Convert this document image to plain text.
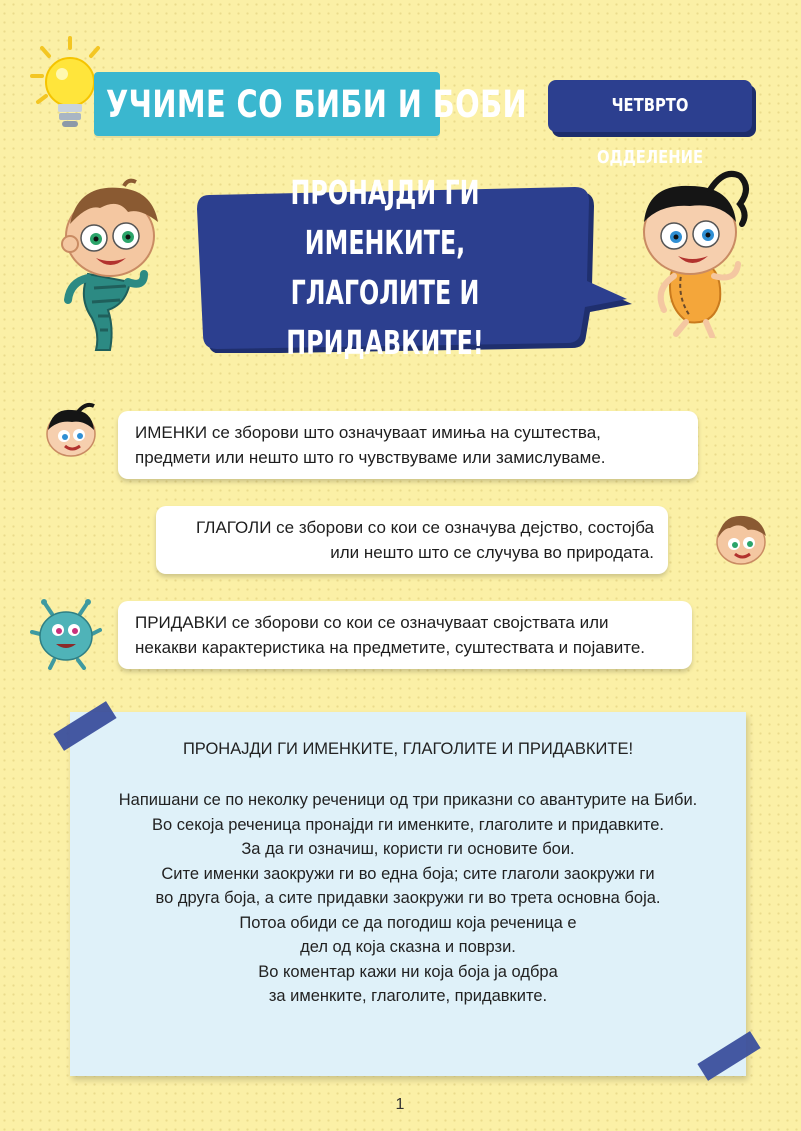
УЧИМЕ СО БИБИ И БОБИ	ЧЕТВРТО ОДДЕЛЕНИЕ
ПРОНАЈДИ ГИ ИМЕНКИТЕ,
ГЛАГОЛИТЕ И ПРИДАВКИТЕ!
ИМЕНКИ се зборови што означуваат имиња на суштества,
предмети или нешто што го чувствуваме или замислуваме.
ГЛАГОЛИ се зборови со кои се означува дејство, состојба
или нешто што се случува во природата.
ПРИДАВКИ се зборови со кои се означуваат својствата или
некакви карактеристика на предметите, суштествата и појавите.
ПРОНАЈДИ ГИ ИМЕНКИТЕ, ГЛАГОЛИТЕ И ПРИДАВКИТЕ!
Напишани се по неколку реченици од три приказни со авантурите на Биби.
Во секоја реченица пронајди ги именките, глаголите и придавките.
За да ги означиш, користи ги основите бои.
Сите именки заокружи ги во една боја; сите глаголи заокружи ги
во друга боја, а сите придавки заокружи ги во трета основна боја.
Потоа обиди се да погодиш која реченица е
дел од која сказна и поврзи.
Во коментар кажи ни која боја ја одбра
за именките, глаголите, придавките.
1
